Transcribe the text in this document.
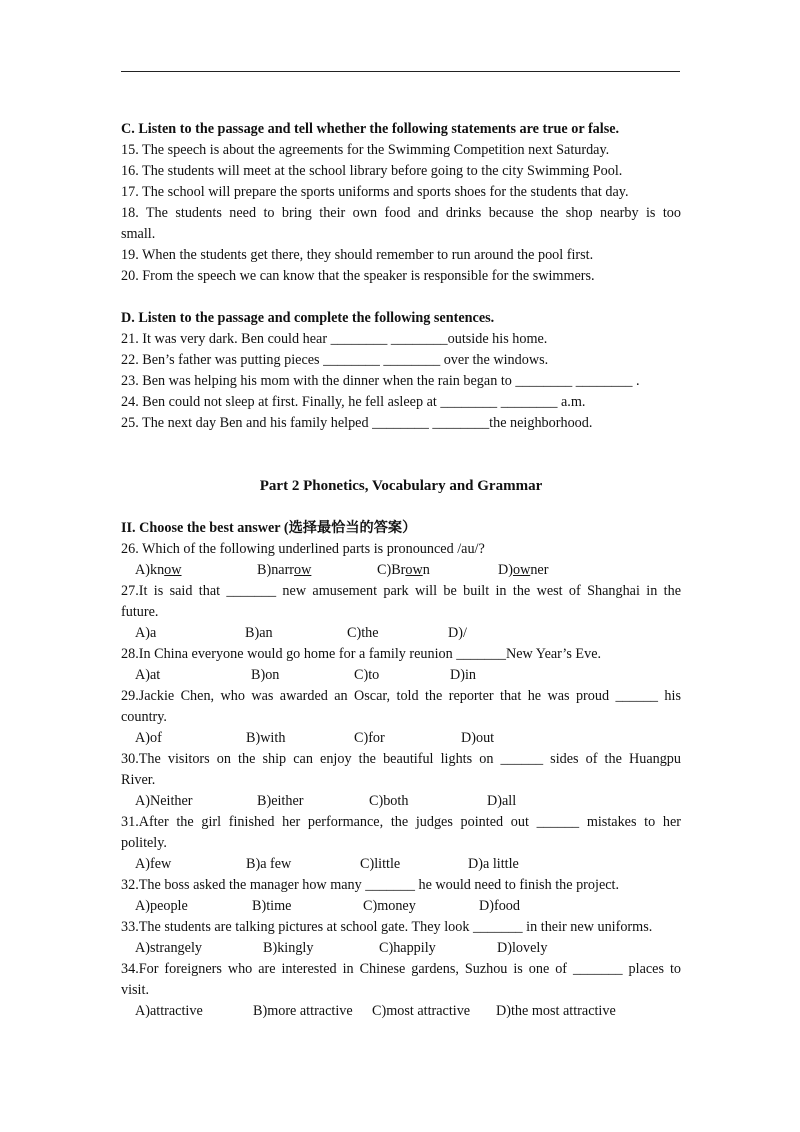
C. Listen to the passage and tell whether the following statements are true or false.
15. The speech is about the agreements for the Swimming Competition next Saturday.
16. The students will meet at the school library before going to the city Swimming Pool.
17. The school will prepare the sports uniforms and sports shoes for the students that day.
18. The students need to bring their own food and drinks because the shop nearby is too
small.
19. When the students get there, they should remember to run around the pool first.
20. From the speech we can know that the speaker is responsible for the swimmers.
D. Listen to the passage and complete the following sentences.
21. It was very dark. Ben could hear ________ ________outside his home.
22. Ben’s father was putting pieces ________ ________ over the windows.
23. Ben was helping his mom with the dinner when the rain began to ________ ________ .
24. Ben could not sleep at first. Finally, he fell asleep at ________ ________ a.m.
25. The next day Ben and his family helped ________ ________the neighborhood.
Part 2 Phonetics, Vocabulary and Grammar
II. Choose the best answer (选择最恰当的答案）
26. Which of the following underlined parts is pronounced /au/?
A)know	B)narrow	C)Brown	D)owner
27.It is said that _______ new amusement park will be built in the west of Shanghai in the
future.
A)a	B)an	C)the	D)/
28.In China everyone would go home for a family reunion _______New Year’s Eve.
A)at	B)on	C)to	D)in
29.Jackie Chen, who was awarded an Oscar, told the reporter that he was proud ______ his
country.
A)of	B)with	C)for	D)out
30.The visitors on the ship can enjoy the beautiful lights on ______ sides of the Huangpu
River.
A)Neither	B)either	C)both	D)all
31.After the girl finished her performance, the judges pointed out ______ mistakes to her
politely.
A)few	B)a few	C)little	D)a little
32.The boss asked the manager how many _______ he would need to finish the project.
A)people	B)time	C)money	D)food
33.The students are talking pictures at school gate. They look _______ in their new uniforms.
A)strangely	B)kingly	C)happily	D)lovely
34.For foreigners who are interested in Chinese gardens, Suzhou is one of _______ places to
visit.
A)attractive	B)more attractive C)most attractive D)the most attractive
